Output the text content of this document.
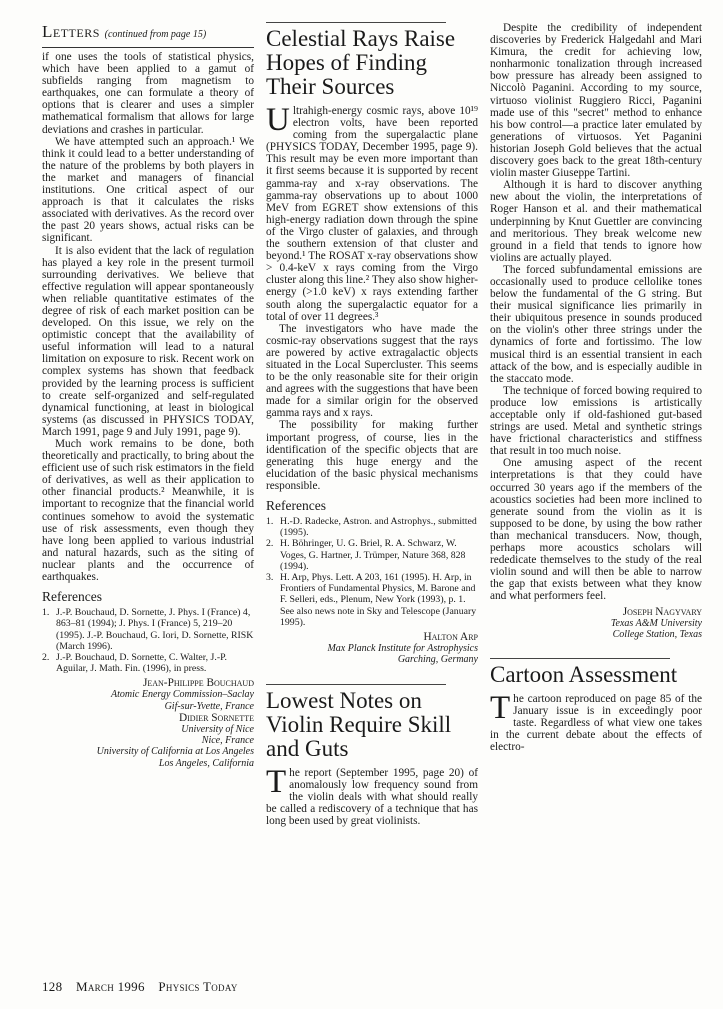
Letters (continued from page 15)

if one uses the tools of statistical physics, which have been applied to a gamut of subfields ranging from magnetism to earthquakes, one can formulate a theory of options that is clearer and uses a simpler mathematical formalism that allows for large deviations and crashes in particular.

We have attempted such an approach.¹ We think it could lead to a better understanding of the nature of the problems by both players in the market and managers of financial institutions. One critical aspect of our approach is that it calculates the risks associated with derivatives. As the record over the past 20 years shows, actual risks can be significant.

It is also evident that the lack of regulation has played a key role in the present turmoil surrounding derivatives. We believe that effective regulation will appear spontaneously when reliable quantitative estimates of the degree of risk of each market position can be developed. On this issue, we rely on the optimistic concept that the availability of useful information will lead to a natural limitation on exposure to risk. Recent work on complex systems has shown that feedback provided by the learning process is sufficient to create self-organized and self-regulated dynamical functioning, at least in biological systems (as discussed in PHYSICS TODAY, March 1991, page 9 and July 1991, page 9).

Much work remains to be done, both theoretically and practically, to bring about the efficient use of such risk estimators in the field of derivatives, as well as their application to other financial products.² Meanwhile, it is important to recognize that the financial world continues somehow to avoid the systematic use of risk assessments, even though they have long been applied to various industrial and natural hazards, such as the siting of nuclear plants and the occurrence of earthquakes.

References
1. J.-P. Bouchaud, D. Sornette, J. Phys. I (France) 4, 863–81 (1994); J. Phys. I (France) 5, 219–20 (1995). J.-P. Bouchaud, G. Iori, D. Sornette, RISK (March 1996).
2. J.-P. Bouchaud, D. Sornette, C. Walter, J.-P. Aguilar, J. Math. Fin. (1996), in press.
Jean-Philippe Bouchaud
Atomic Energy Commission–Saclay
Gif-sur-Yvette, France
Didier Sornette
University of Nice
Nice, France
University of California at Los Angeles
Los Angeles, California
Celestial Rays Raise Hopes of Finding Their Sources

Ultrahigh-energy cosmic rays, above 10¹⁹ electron volts, have been reported coming from the supergalactic plane (PHYSICS TODAY, December 1995, page 9). This result may be even more important than it first seems because it is supported by recent gamma-ray and x-ray observations. The gamma-ray observations up to about 1000 MeV from EGRET show extensions of this high-energy radiation down through the spine of the Virgo cluster of galaxies, and through the southern extension of that cluster and beyond.¹ The ROSAT x-ray observations show > 0.4-keV x rays coming from the Virgo cluster along this line.² They also show higher-energy (>1.0 keV) x rays extending farther south along the supergalactic equator for a total of over 11 degrees.³

The investigators who have made the cosmic-ray observations suggest that the rays are powered by active extragalactic objects situated in the Local Supercluster. This seems to be the only reasonable site for their origin and agrees with the suggestions that have been made for a similar origin for the observed gamma rays and x rays.

The possibility for making further important progress, of course, lies in the identification of the specific objects that are generating this huge energy and the elucidation of the basic physical mechanisms responsible.

References
1. H.-D. Radecke, Astron. and Astrophys., submitted (1995).
2. H. Böhringer, U. G. Briel, R. A. Schwarz, W. Voges, G. Hartner, J. Trümper, Nature 368, 828 (1994).
3. H. Arp, Phys. Lett. A 203, 161 (1995). H. Arp, in Frontiers of Fundamental Physics, M. Barone and F. Selleri, eds., Plenum, New York (1993), p. 1. See also news note in Sky and Telescope (January 1995).
Halton Arp
Max Planck Institute for Astrophysics
Garching, Germany
Lowest Notes on Violin Require Skill and Guts

The report (September 1995, page 20) of anomalously low frequency sound from the violin deals with what should really be called a rediscovery of a technique that has long been used by great violinists.

Despite the credibility of independent discoveries by Frederick Halgedahl and Mari Kimura, the credit for achieving low, nonharmonic tonalization through increased bow pressure has already been assigned to Niccolò Paganini. According to my source, virtuoso violinist Ruggiero Ricci, Paganini made use of this "secret" method to enhance his bow control—a practice later emulated by generations of virtuosos. Yet Paganini historian Joseph Gold believes that the actual discovery goes back to the great 18th-century violin master Giuseppe Tartini.

Although it is hard to discover anything new about the violin, the interpretations of Roger Hanson et al. and their mathematical underpinning by Knut Guettler are convincing and meritorious. They break welcome new ground in a field that tends to ignore how violins are actually played.

The forced subfundamental emissions are occasionally used to produce cellolike tones below the fundamental of the G string. But their musical significance lies primarily in their ubiquitous presence in sounds produced on the violin's other three strings under the dynamics of forte and fortissimo. The low musical third is an essential transient in each attack of the bow, and is especially audible in the staccato mode.

The technique of forced bowing required to produce low emissions is artistically acceptable only if old-fashioned gut-based strings are used. Metal and synthetic strings have frictional characteristics and stiffness that result in too much noise.

One amusing aspect of the recent interpretations is that they could have occurred 30 years ago if the members of the acoustics societies had been more inclined to generate sound from the violin as it is supposed to be done, by using the bow rather than mechanical transducers. Now, though, perhaps more acoustics scholars will rededicate themselves to the study of the real violin sound and will then be able to narrow the gap that exists between what they know and what performers feel.

Joseph Nagyvary
Texas A&M University
College Station, Texas
Cartoon Assessment

The cartoon reproduced on page 85 of the January issue is in exceedingly poor taste. Regardless of what view one takes in the current debate about the effects of electro-

128 March 1996 Physics Today
